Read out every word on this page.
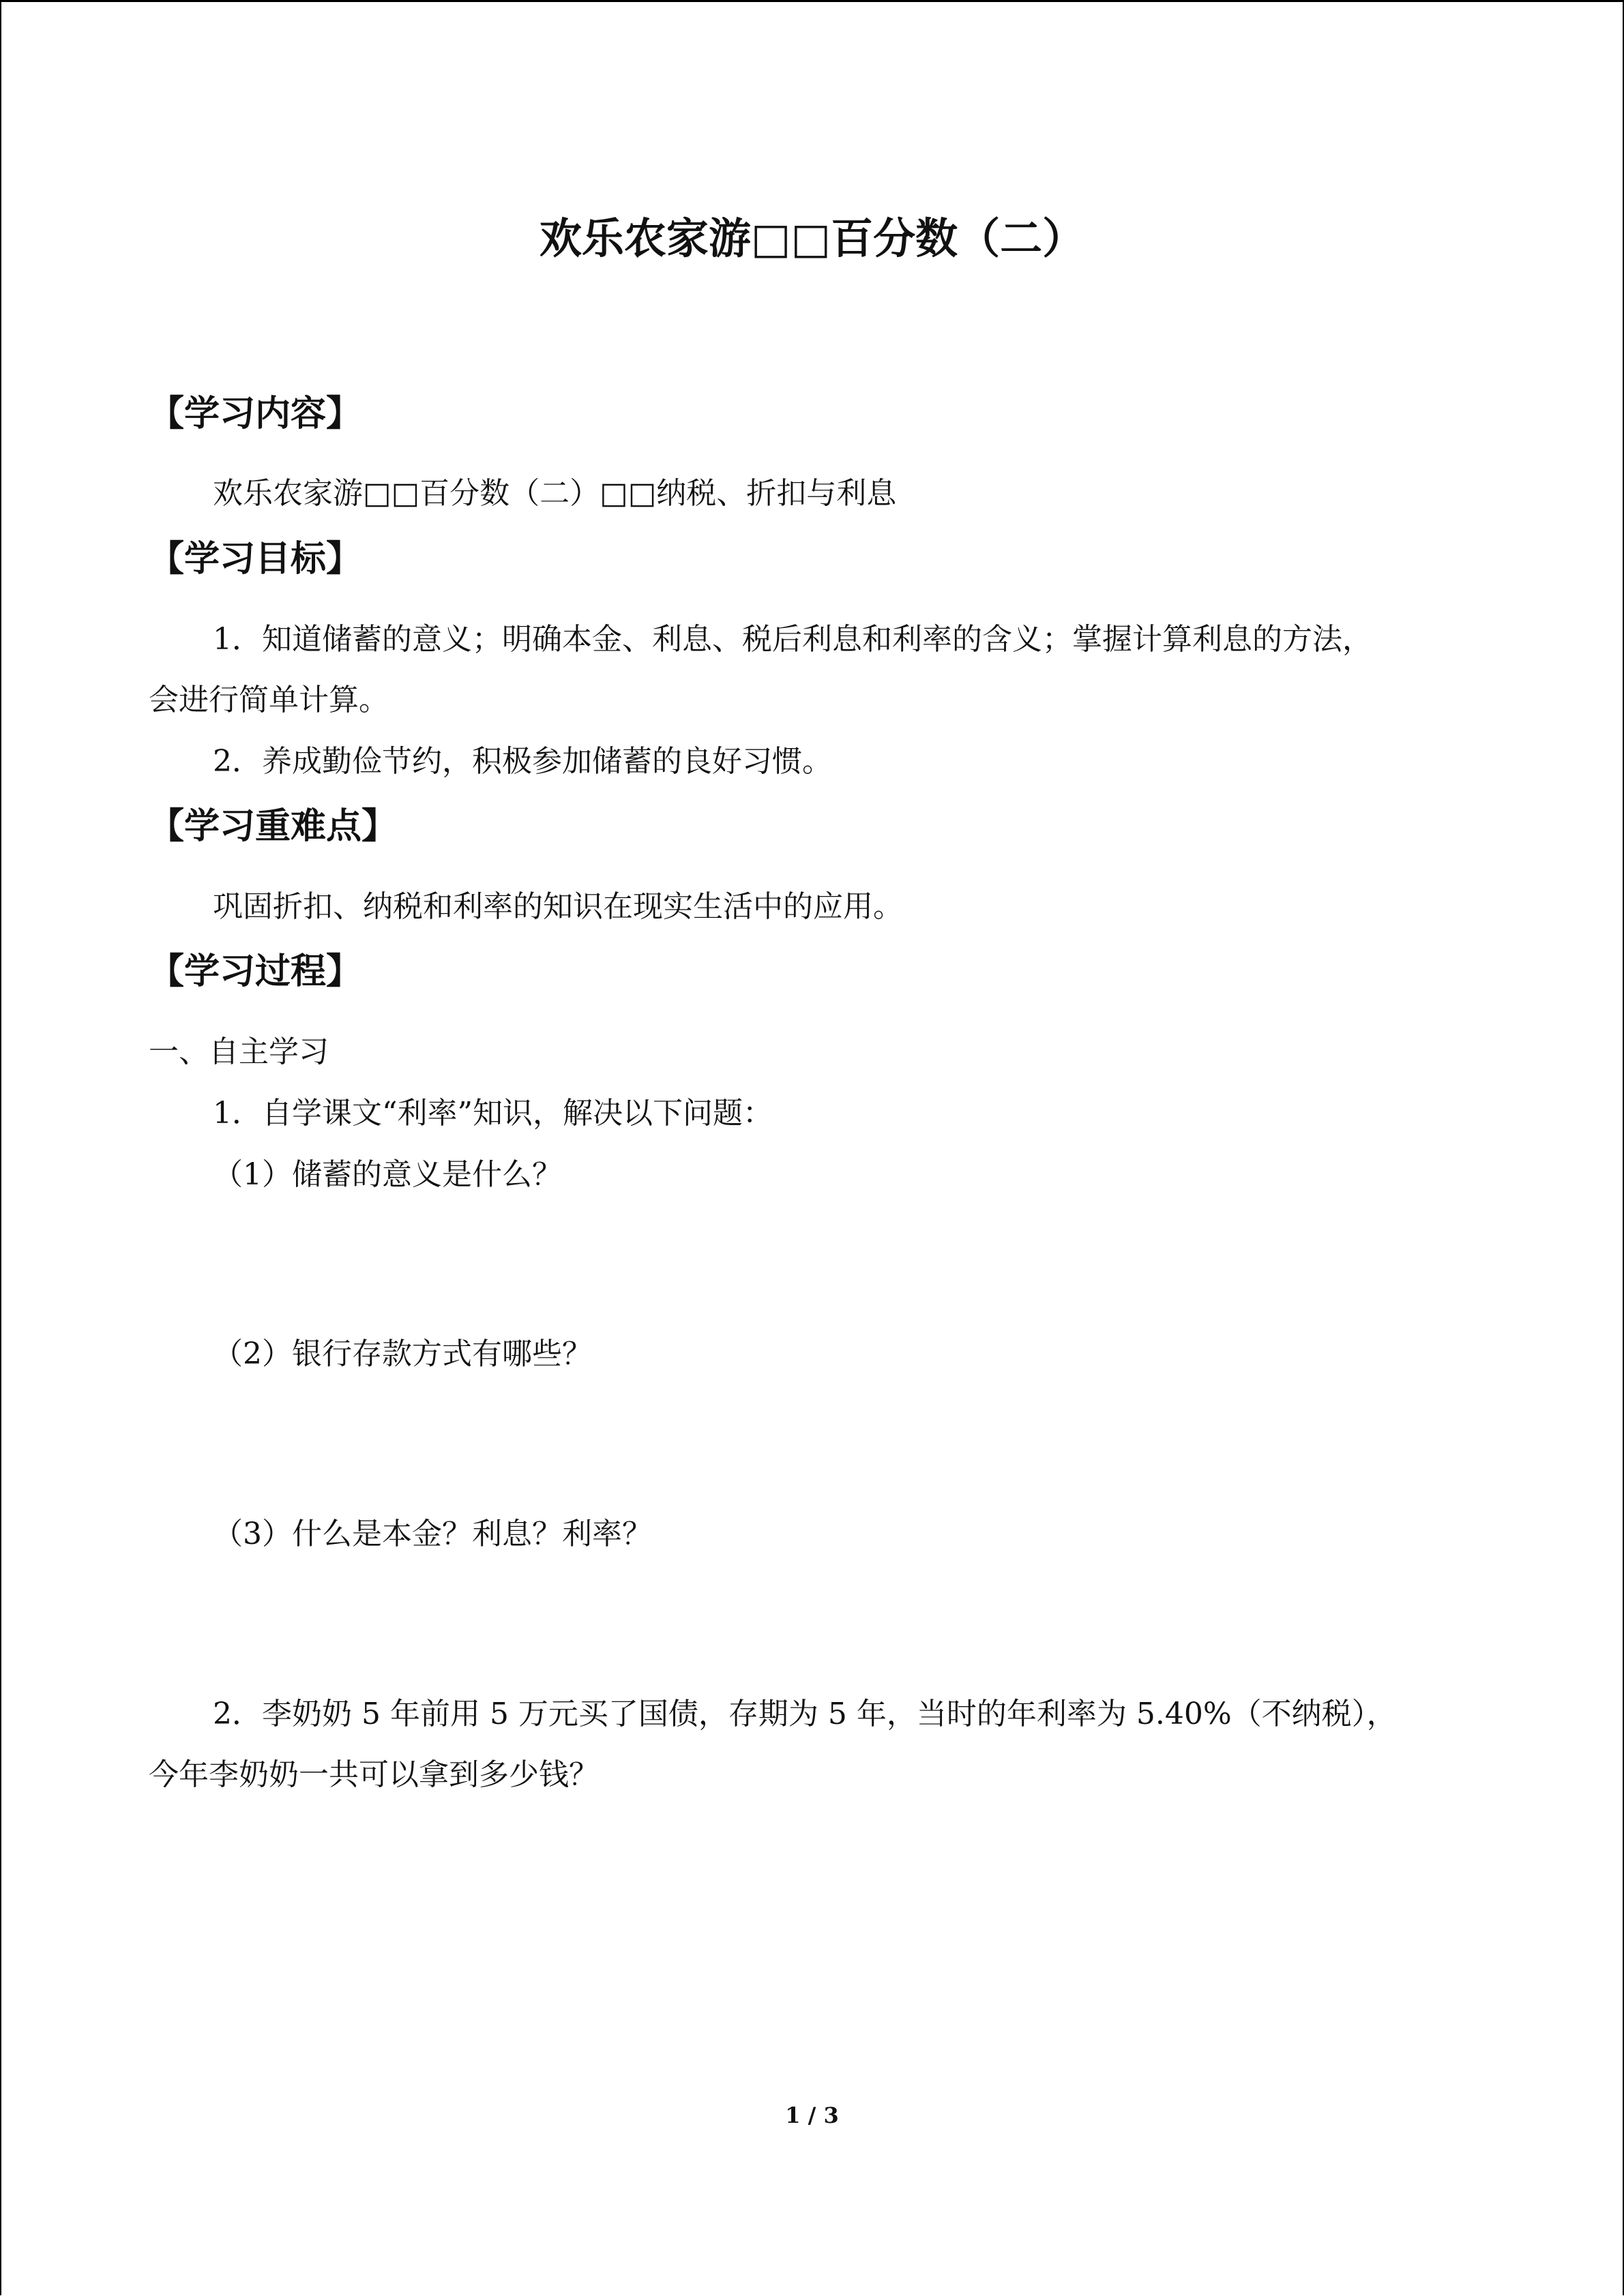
欢乐农家游□□百分数（二）
【学习内容】
欢乐农家游□□百分数（二）□□纳税、折扣与利息
【学习目标】
1．知道储蓄的意义；明确本金、利息、税后利息和利率的含义；掌握计算利息的方法，
会进行简单计算。
2．养成勤俭节约，积极参加储蓄的良好习惯。
【学习重难点】
巩固折扣、纳税和利率的知识在现实生活中的应用。
【学习过程】
一、自主学习
1．自学课文“利率”知识，解决以下问题：
（1）储蓄的意义是什么？
（2）银行存款方式有哪些？
（3）什么是本金？利息？利率？
2．李奶奶 5 年前用 5 万元买了国债，存期为 5 年，当时的年利率为 5.40%（不纳税），
今年李奶奶一共可以拿到多少钱？
1 / 3
